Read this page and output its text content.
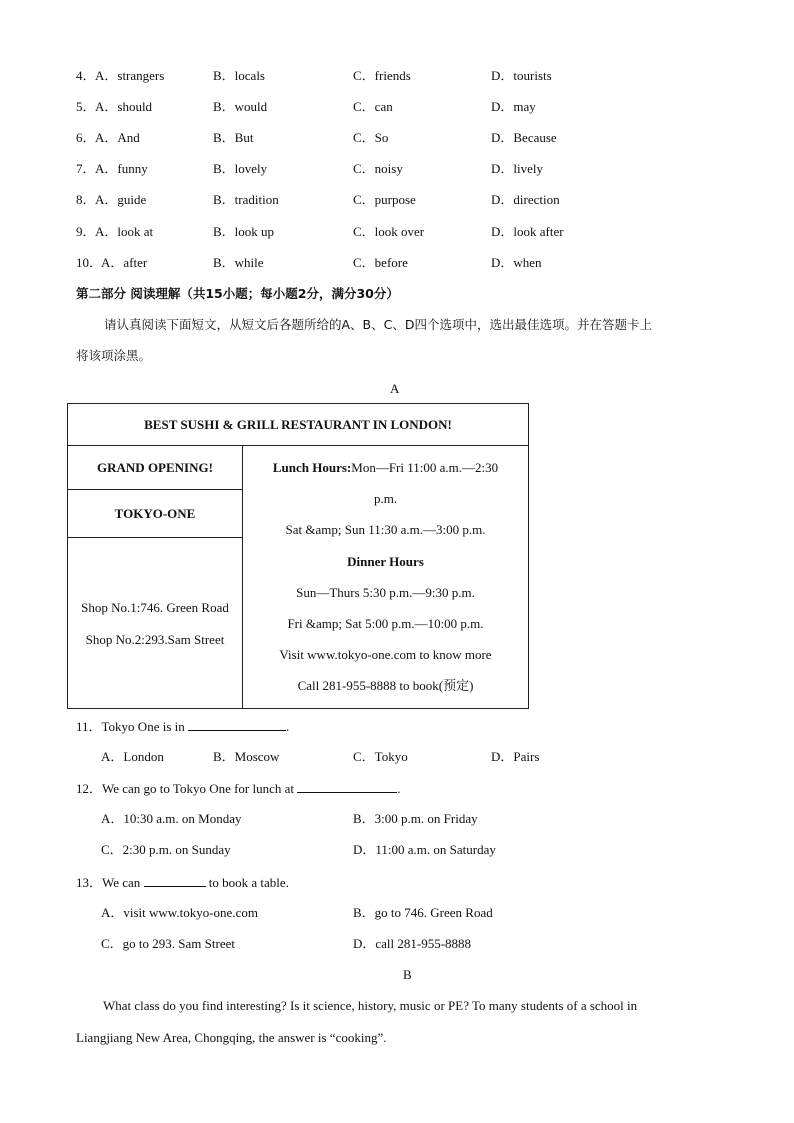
4． A．strangers	B．locals	C．friends	D．tourists
5． A．should	B．would	C．can	D．may
6． A．And	B．But	C．So	D．Because
7． A．funny	B．lovely	C．noisy	D．lively
8． A．guide	B．tradition	C．purpose	D．direction
9． A．look at	B．look up	C．look over	D．look after
10．
A．after	B．while	C．before	D．when
第二部分 阅读理解（共15小题；每小题2分，满分30分）
请认真阅读下面短文，从短文后各题所给的A、B、C、D四个选项中，选出最佳选项。并在答题卡上
将该项涂黑。
A
BEST SUSHI & GRILL RESTAURANT IN LONDON!
GRAND OPENING!
TOKYO-ONE
Shop No.1:746. Green Road
Shop No.2:293.Sam Street
Lunch Hours:Mon—Fri 11:00 a.m.—2:30
p.m.
Sat &amp; Sun 11:30 a.m.—3:00 p.m.
Dinner Hours
Sun—Thurs 5:30 p.m.—9:30 p.m.
Fri &amp; Sat 5:00 p.m.—10:00 p.m.
Visit www.tokyo-one.com to know more
Call 281-955-8888 to book(预定)
11．Tokyo One is in	.
A．London	B．Moscow	C．Tokyo	D．Pairs
12．We can go to Tokyo One for lunch at	.
A．10:30 a.m. on Monday	B．3:00 p.m. on Friday
C．2:30 p.m. on Sunday	D．11:00 a.m. on Saturday
13．We can	to book a table.
A．visit www.tokyo-one.com	B．go to 746. Green Road
C．go to 293. Sam Street	D．call 281-955-8888
B
What class do you find interesting? Is it science, history, music or PE? To many students of a school in
Liangjiang New Area, Chongqing, the answer is “cooking”.
